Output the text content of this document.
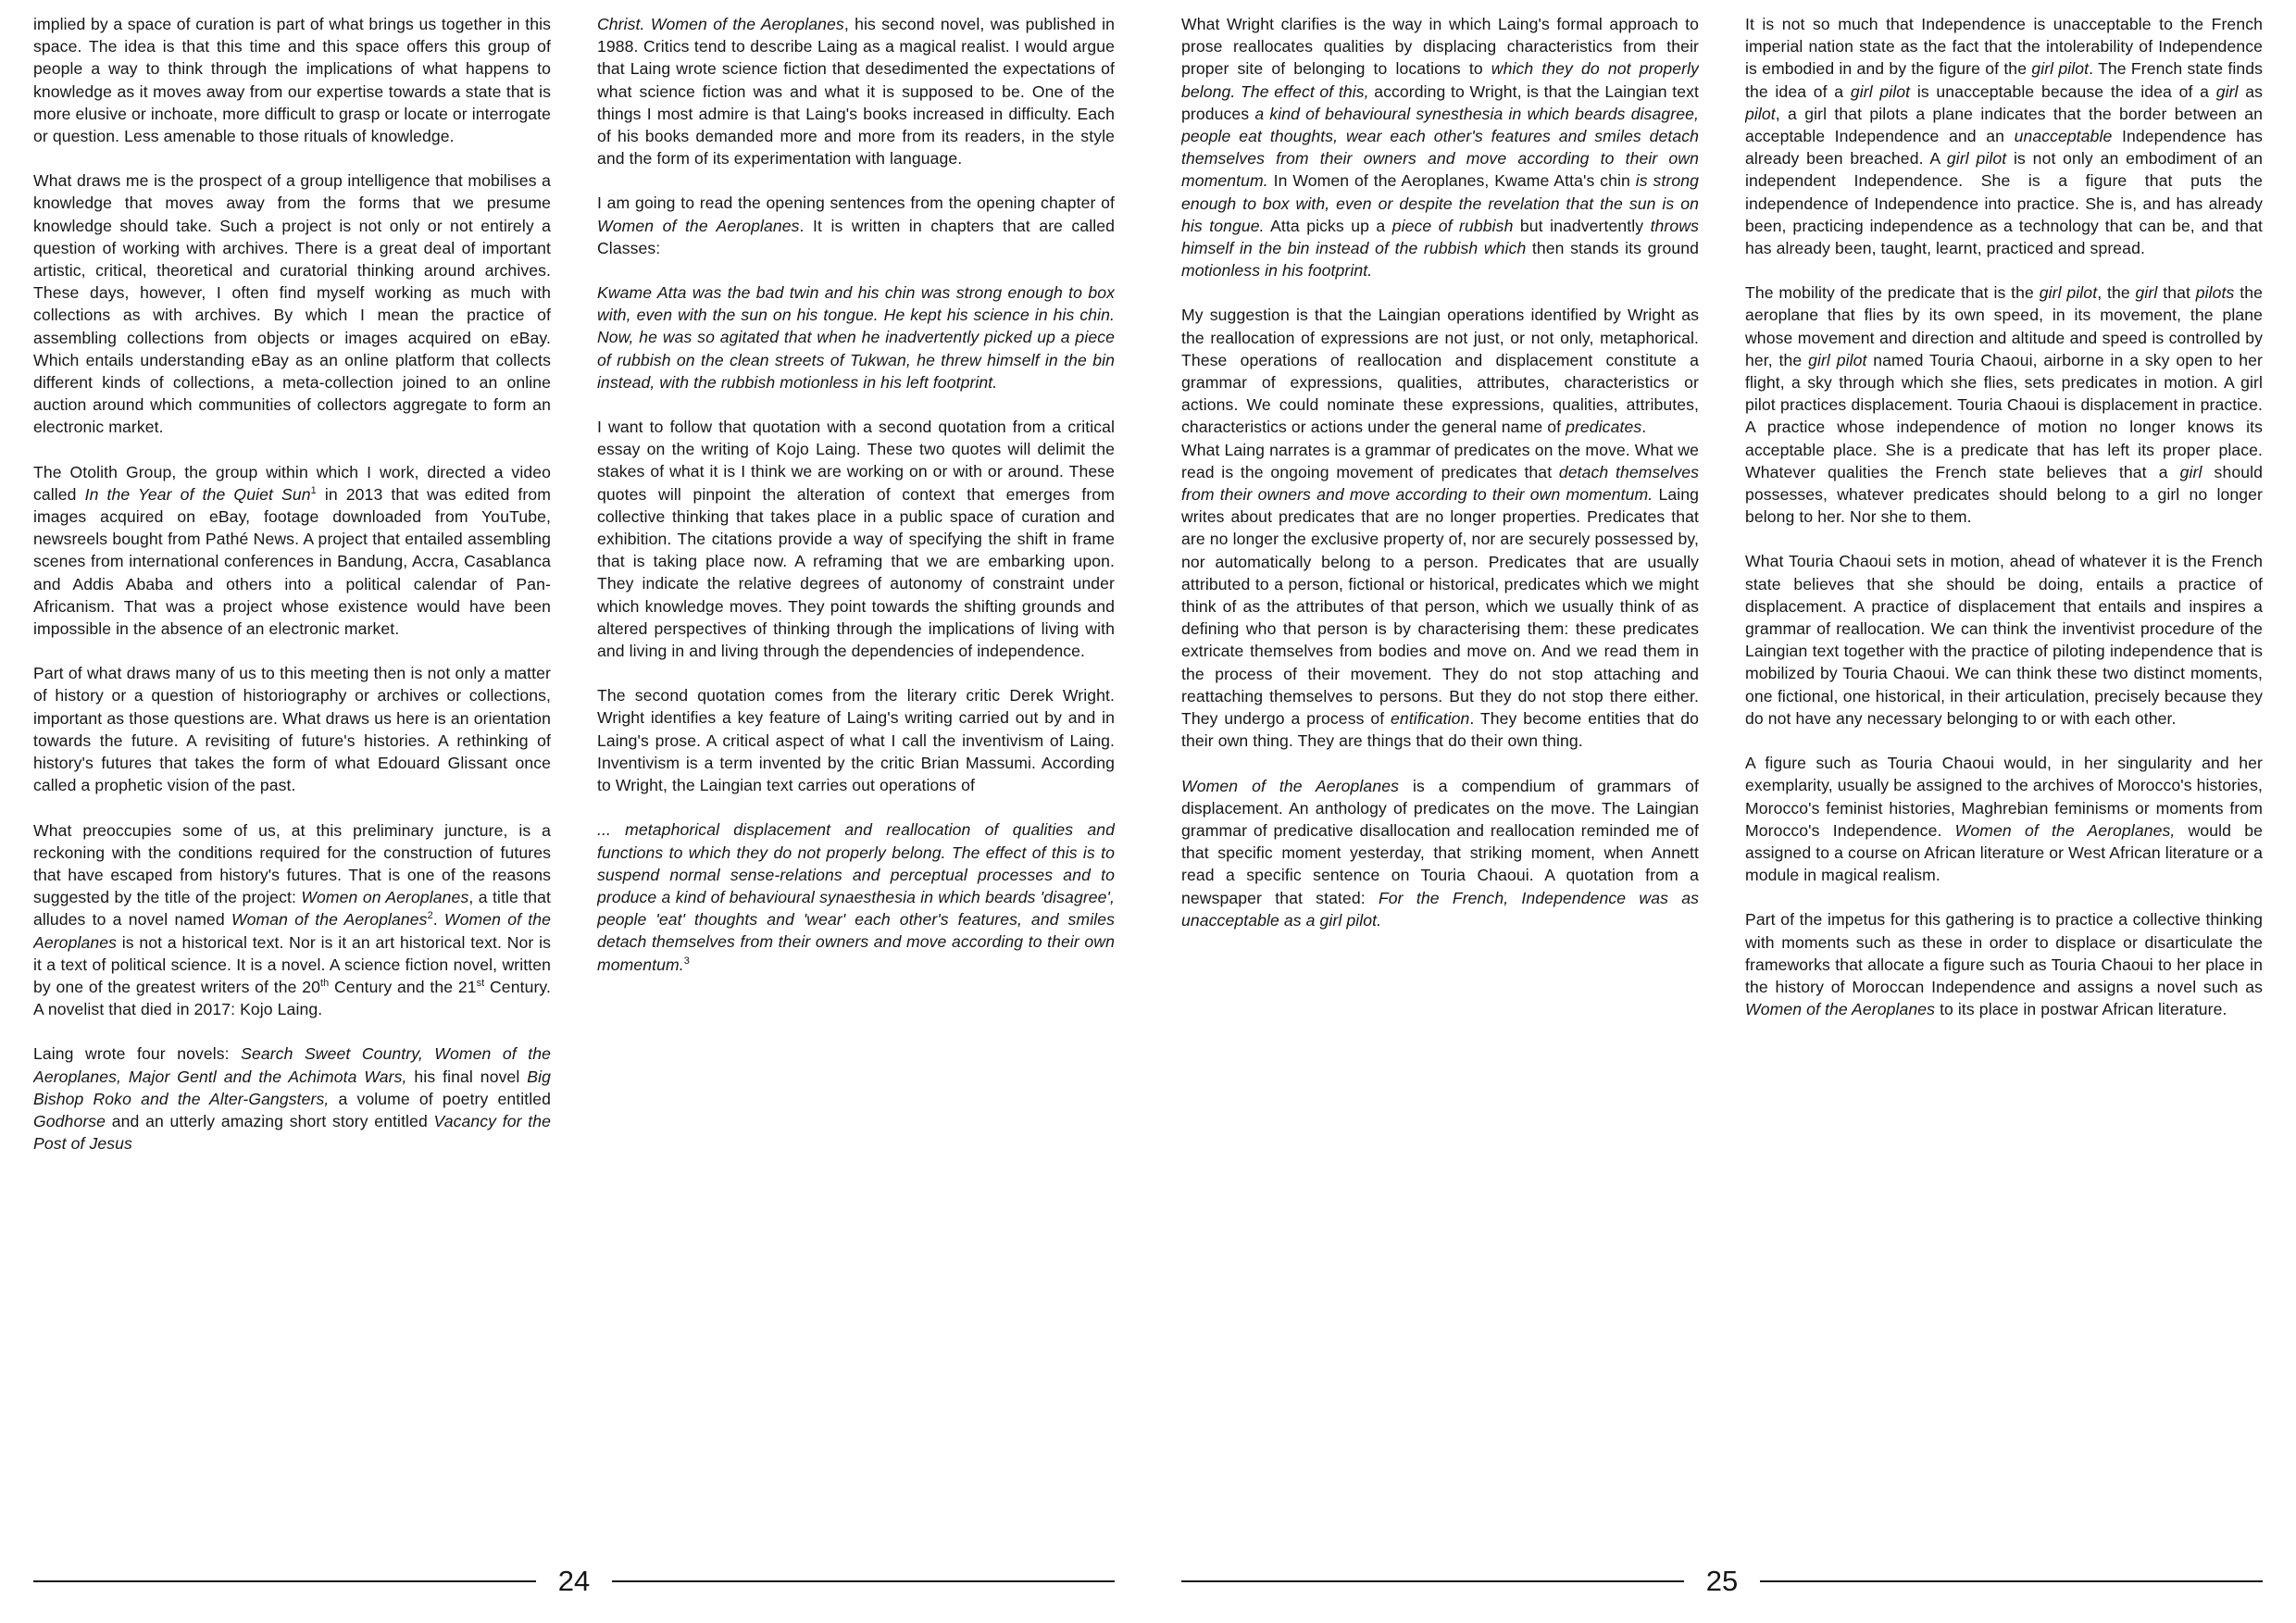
implied by a space of curation is part of what brings us together in this space. The idea is that this time and this space offers this group of people a way to think through the implications of what happens to knowledge as it moves away from our expertise towards a state that is more elusive or inchoate, more difficult to grasp or locate or interrogate or question. Less amenable to those rituals of knowledge.

What draws me is the prospect of a group intelligence that mobilises a knowledge that moves away from the forms that we presume knowledge should take. Such a project is not only or not entirely a question of working with archives. There is a great deal of important artistic, critical, theoretical and curatorial thinking around archives. These days, however, I often find myself working as much with collections as with archives. By which I mean the practice of assembling collections from objects or images acquired on eBay. Which entails understanding eBay as an online platform that collects different kinds of collections, a meta-collection joined to an online auction around which communities of collectors aggregate to form an electronic market.

The Otolith Group, the group within which I work, directed a video called In the Year of the Quiet Sun$^1$ in 2013 that was edited from images acquired on eBay, footage downloaded from YouTube, newsreels bought from Pathé News. A project that entailed assembling scenes from international conferences in Bandung, Accra, Casablanca and Addis Ababa and others into a political calendar of Pan-Africanism. That was a project whose existence would have been impossible in the absence of an electronic market.

Part of what draws many of us to this meeting then is not only a matter of history or a question of historiography or archives or collections, important as those questions are. What draws us here is an orientation towards the future. A revisiting of future's histories. A rethinking of history's futures that takes the form of what Edouard Glissant once called a prophetic vision of the past.

What preoccupies some of us, at this preliminary juncture, is a reckoning with the conditions required for the construction of futures that have escaped from history's futures. That is one of the reasons suggested by the title of the project: Women on Aeroplanes, a title that alludes to a novel named Woman of the Aeroplanes$^2$. Women of the Aeroplanes is not a historical text. Nor is it an art historical text. Nor is it a text of political science. It is a novel. A science fiction novel, written by one of the greatest writers of the 20th Century and the 21st Century. A novelist that died in 2017: Kojo Laing.

Laing wrote four novels: Search Sweet Country, Women of the Aeroplanes, Major Gentl and the Achimota Wars, his final novel Big Bishop Roko and the Alter-Gangsters, a volume of poetry entitled Godhorse and an utterly amazing short story entitled Vacancy for the Post of Jesus

Christ. Women of the Aeroplanes, his second novel, was published in 1988. Critics tend to describe Laing as a magical realist. I would argue that Laing wrote science fiction that desedimented the expectations of what science fiction was and what it is supposed to be. One of the things I most admire is that Laing's books increased in difficulty. Each of his books demanded more and more from its readers, in the style and the form of its experimentation with language.

I am going to read the opening sentences from the opening chapter of Women of the Aeroplanes. It is written in chapters that are called Classes:

Kwame Atta was the bad twin and his chin was strong enough to box with, even with the sun on his tongue. He kept his science in his chin. Now, he was so agitated that when he inadvertently picked up a piece of rubbish on the clean streets of Tukwan, he threw himself in the bin instead, with the rubbish motionless in his left footprint.

I want to follow that quotation with a second quotation from a critical essay on the writing of Kojo Laing. These two quotes will delimit the stakes of what it is I think we are working on or with or around. These quotes will pinpoint the alteration of context that emerges from collective thinking that takes place in a public space of curation and exhibition. The citations provide a way of specifying the shift in frame that is taking place now. A reframing that we are embarking upon. They indicate the relative degrees of autonomy of constraint under which knowledge moves. They point towards the shifting grounds and altered perspectives of thinking through the implications of living with and living in and living through the dependencies of independence.

The second quotation comes from the literary critic Derek Wright. Wright identifies a key feature of Laing's writing carried out by and in Laing's prose. A critical aspect of what I call the inventivism of Laing. Inventivism is a term invented by the critic Brian Massumi. According to Wright, the Laingian text carries out operations of

... metaphorical displacement and reallocation of qualities and functions to which they do not properly belong. The effect of this is to suspend normal sense-relations and perceptual processes and to produce a kind of behavioural synaesthesia in which beards 'disagree', people 'eat' thoughts and 'wear' each other's features, and smiles detach themselves from their owners and move according to their own momentum.$^3$

24

What Wright clarifies is the way in which Laing's formal approach to prose reallocates qualities by displacing characteristics from their proper site of belonging to locations to which they do not properly belong. The effect of this, according to Wright, is that the Laingian text produces a kind of behavioural synesthesia in which beards disagree, people eat thoughts, wear each other's features and smiles detach themselves from their owners and move according to their own momentum. In Women of the Aeroplanes, Kwame Atta's chin is strong enough to box with, even or despite the revelation that the sun is on his tongue. Atta picks up a piece of rubbish but inadvertently throws himself in the bin instead of the rubbish which then stands its ground motionless in his footprint.

My suggestion is that the Laingian operations identified by Wright as the reallocation of expressions are not just, or not only, metaphorical. These operations of reallocation and displacement constitute a grammar of expressions, qualities, attributes, characteristics or actions. We could nominate these expressions, qualities, attributes, characteristics or actions under the general name of predicates.
What Laing narrates is a grammar of predicates on the move. What we read is the ongoing movement of predicates that detach themselves from their owners and move according to their own momentum. Laing writes about predicates that are no longer properties. Predicates that are no longer the exclusive property of, nor are securely possessed by, nor automatically belong to a person. Predicates that are usually attributed to a person, fictional or historical, predicates which we might think of as the attributes of that person, which we usually think of as defining who that person is by characterising them: these predicates extricate themselves from bodies and move on. And we read them in the process of their movement. They do not stop attaching and reattaching themselves to persons. But they do not stop there either. They undergo a process of entification. They become entities that do their own thing. They are things that do their own thing.

Women of the Aeroplanes is a compendium of grammars of displacement. An anthology of predicates on the move. The Laingian grammar of predicative disallocation and reallocation reminded me of that specific moment yesterday, that striking moment, when Annett read a specific sentence on Touria Chaoui. A quotation from a newspaper that stated: For the French, Independence was as unacceptable as a girl pilot.

It is not so much that Independence is unacceptable to the French imperial nation state as the fact that the intolerability of Independence is embodied in and by the figure of the girl pilot. The French state finds the idea of a girl pilot is unacceptable because the idea of a girl as pilot, a girl that pilots a plane indicates that the border between an acceptable Independence and an unacceptable Independence has already been breached. A girl pilot is not only an embodiment of an independent Independence. She is a figure that puts the independence of Independence into practice. She is, and has already been, practicing independence as a technology that can be, and that has already been, taught, learnt, practiced and spread.

The mobility of the predicate that is the girl pilot, the girl that pilots the aeroplane that flies by its own speed, in its movement, the plane whose movement and direction and altitude and speed is controlled by her, the girl pilot named Touria Chaoui, airborne in a sky open to her flight, a sky through which she flies, sets predicates in motion. A girl pilot practices displacement. Touria Chaoui is displacement in practice. A practice whose independence of motion no longer knows its acceptable place. She is a predicate that has left its proper place. Whatever qualities the French state believes that a girl should possesses, whatever predicates should belong to a girl no longer belong to her. Nor she to them.

What Touria Chaoui sets in motion, ahead of whatever it is the French state believes that she should be doing, entails a practice of displacement. A practice of displacement that entails and inspires a grammar of reallocation. We can think the inventivist procedure of the Laingian text together with the practice of piloting independence that is mobilized by Touria Chaoui. We can think these two distinct moments, one fictional, one historical, in their articulation, precisely because they do not have any necessary belonging to or with each other.

A figure such as Touria Chaoui would, in her singularity and her exemplarity, usually be assigned to the archives of Morocco's histories, Morocco's feminist histories, Maghrebian feminisms or moments from Morocco's Independence. Women of the Aeroplanes, would be assigned to a course on African literature or West African literature or a module in magical realism.

Part of the impetus for this gathering is to practice a collective thinking with moments such as these in order to displace or disarticulate the frameworks that allocate a figure such as Touria Chaoui to her place in the history of Moroccan Independence and assigns a novel such as Women of the Aeroplanes to its place in postwar African literature.

25
